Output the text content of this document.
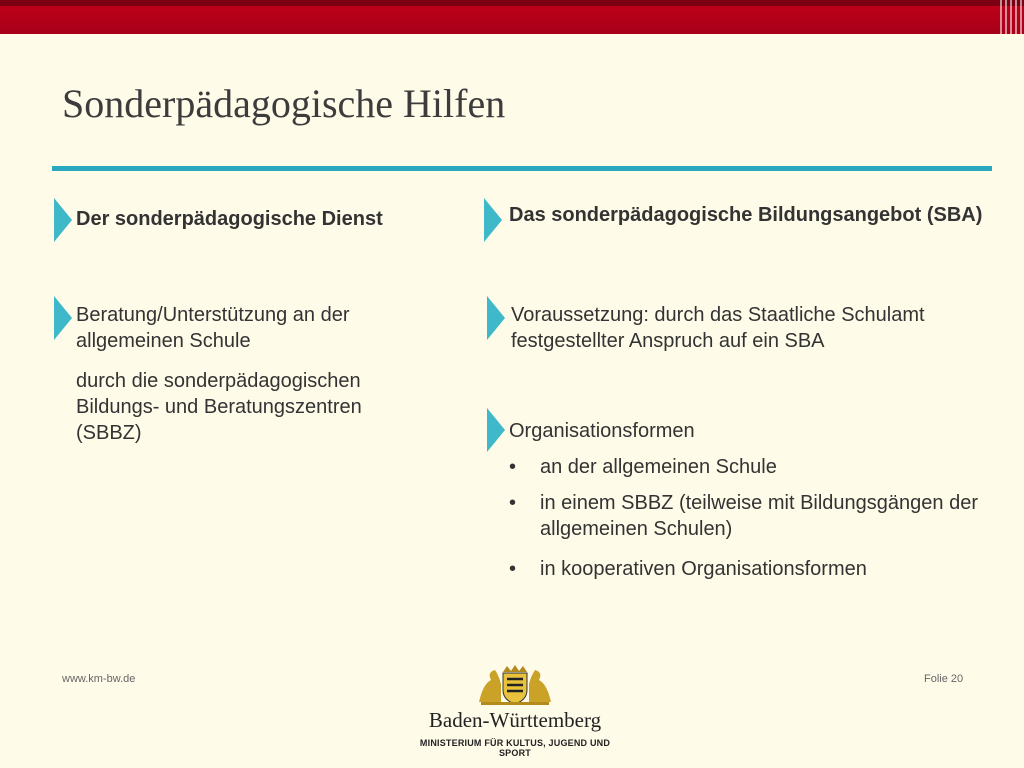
Sonderpädagogische Hilfen
Der sonderpädagogische Dienst
Beratung/Unterstützung an der allgemeinen Schule
durch die sonderpädagogischen Bildungs- und Beratungszentren (SBBZ)
Das sonderpädagogische Bildungsangebot (SBA)
Voraussetzung: durch das Staatliche Schulamt festgestellter Anspruch auf ein SBA
Organisationsformen
• an der allgemeinen Schule
• in einem SBBZ (teilweise mit Bildungsgängen der allgemeinen Schulen)
• in kooperativen Organisationsformen
www.km-bw.de	Folie 20
Baden-Württemberg
MINISTERIUM FÜR KULTUS, JUGEND UND SPORT
